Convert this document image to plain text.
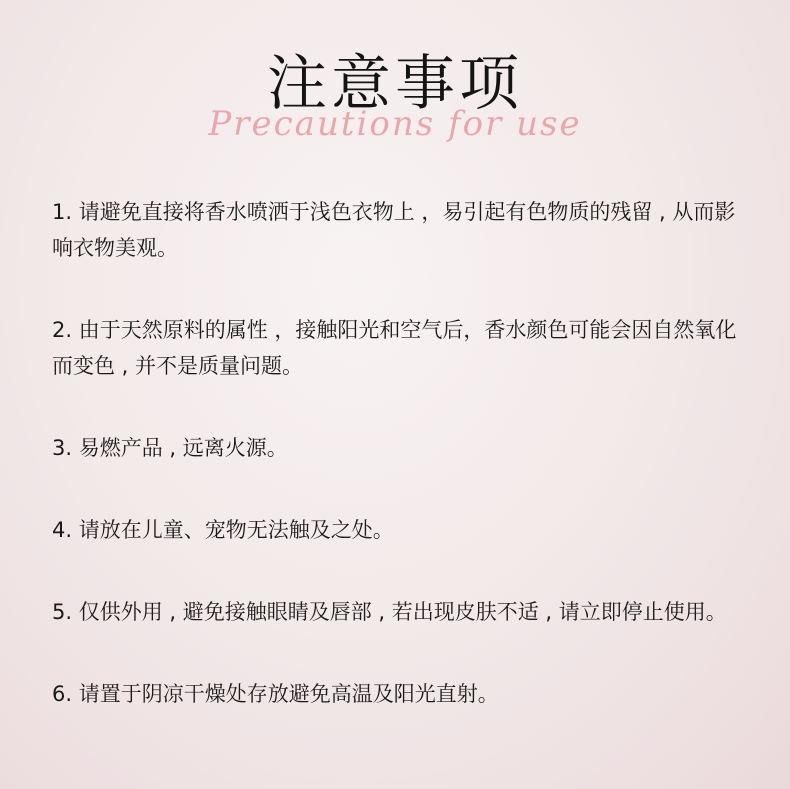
注意事项
Precautions for use

1. 请避免直接将香水喷洒于浅色衣物上 ，易引起有色物质的残留 , 从而影响衣物美观。

2. 由于天然原料的属性 ，接触阳光和空气后，香水颜色可能会因自然氧化而变色 , 并不是质量问题。

3. 易燃产品 , 远离火源。

4. 请放在儿童、宠物无法触及之处。

5. 仅供外用 , 避免接触眼睛及唇部 , 若出现皮肤不适 , 请立即停止使用。

6. 请置于阴凉干燥处存放避免高温及阳光直射。
